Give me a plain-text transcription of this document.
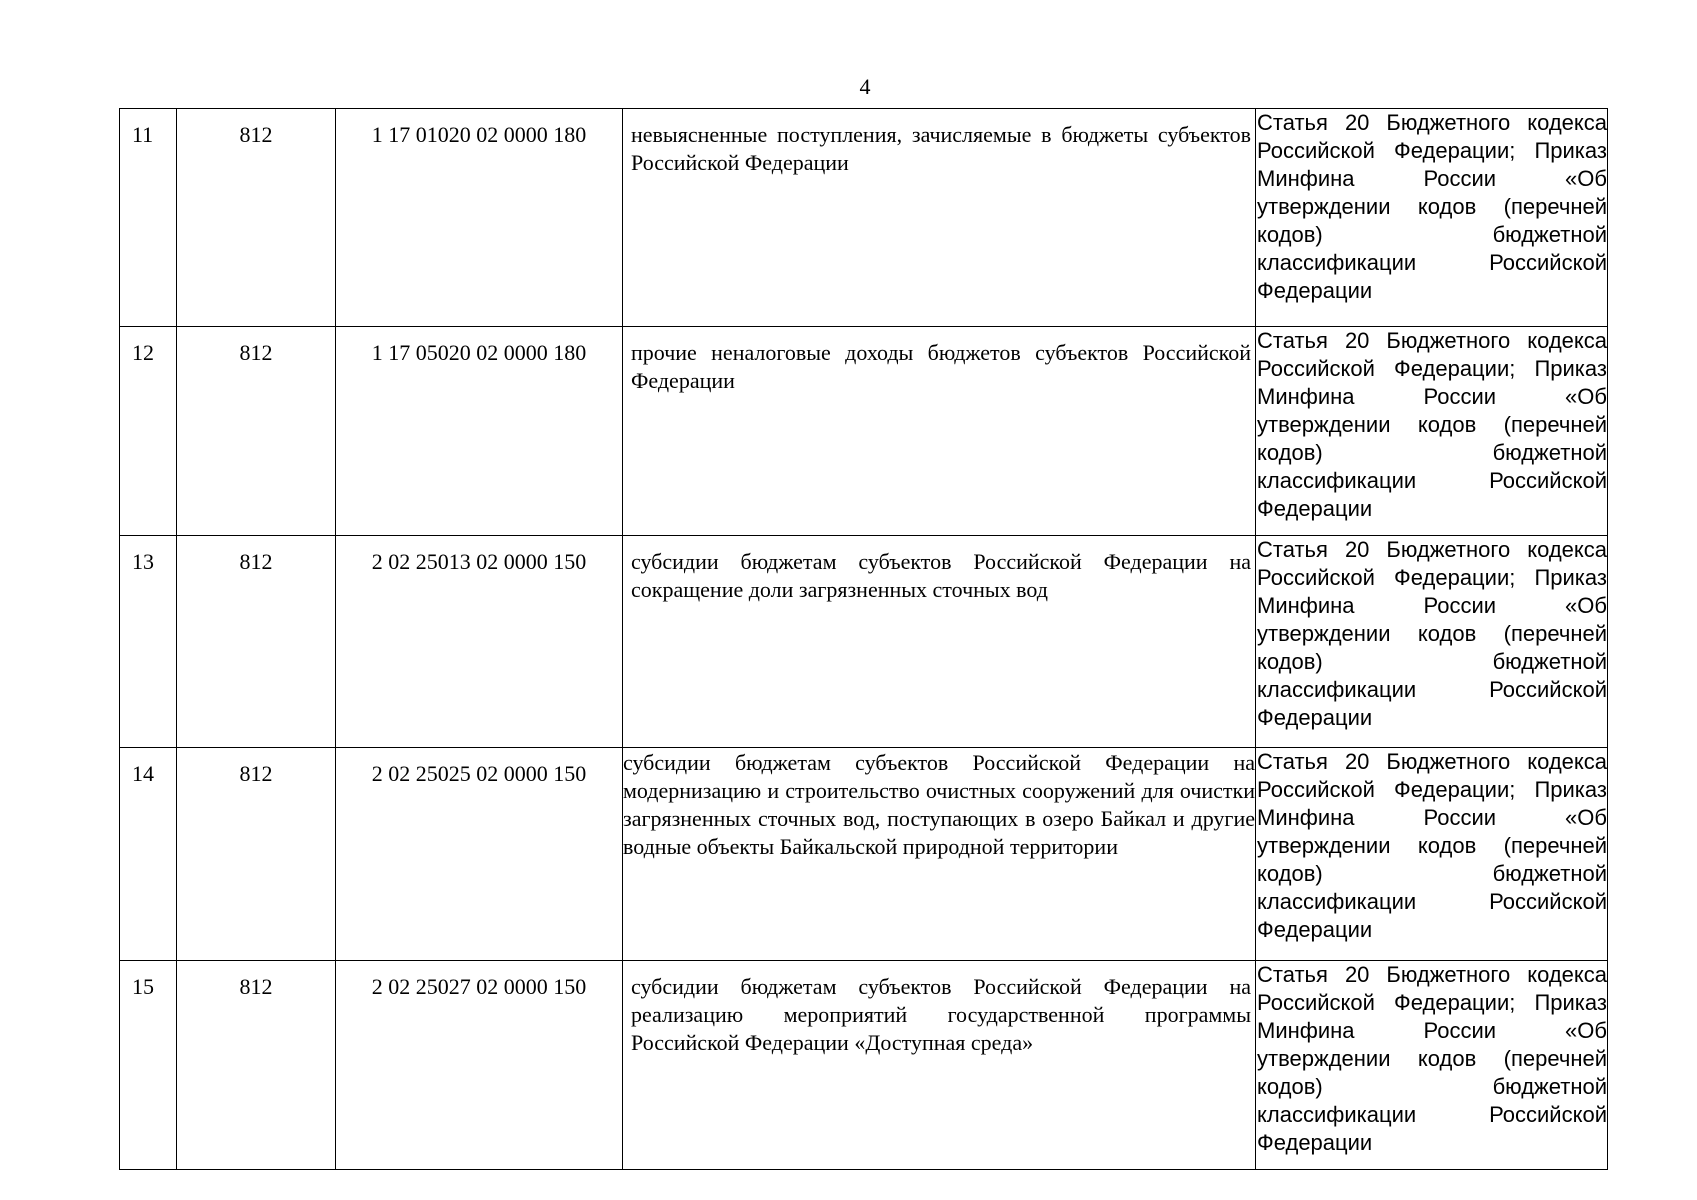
4
11	812	1 17 01020 02 0000 180	невыясненные поступления, зачисляемые в бюджеты субъектов Российской Федерации	Статья 20 Бюджетного кодекса Российской Федерации; Приказ Минфина России «Об утверждении кодов (перечней кодов) бюджетной классификации Российской Федерации
12	812	1 17 05020 02 0000 180	прочие неналоговые доходы бюджетов субъектов Российской Федерации	Статья 20 Бюджетного кодекса Российской Федерации; Приказ Минфина России «Об утверждении кодов (перечней кодов) бюджетной классификации Российской Федерации
13	812	2 02 25013 02 0000 150	субсидии бюджетам субъектов Российской Федерации на сокращение доли загрязненных сточных вод	Статья 20 Бюджетного кодекса Российской Федерации; Приказ Минфина России «Об утверждении кодов (перечней кодов) бюджетной классификации Российской Федерации
14	812	2 02 25025 02 0000 150	субсидии бюджетам субъектов Российской Федерации на модернизацию и строительство очистных сооружений для очистки загрязненных сточных вод, поступающих в озеро Байкал и другие водные объекты Байкальской природной территории	Статья 20 Бюджетного кодекса Российской Федерации; Приказ Минфина России «Об утверждении кодов (перечней кодов) бюджетной классификации Российской Федерации
15	812	2 02 25027 02 0000 150	субсидии бюджетам субъектов Российской Федерации на реализацию мероприятий государственной программы Российской Федерации «Доступная среда»	Статья 20 Бюджетного кодекса Российской Федерации; Приказ Минфина России «Об утверждении кодов (перечней кодов) бюджетной классификации Российской Федерации
